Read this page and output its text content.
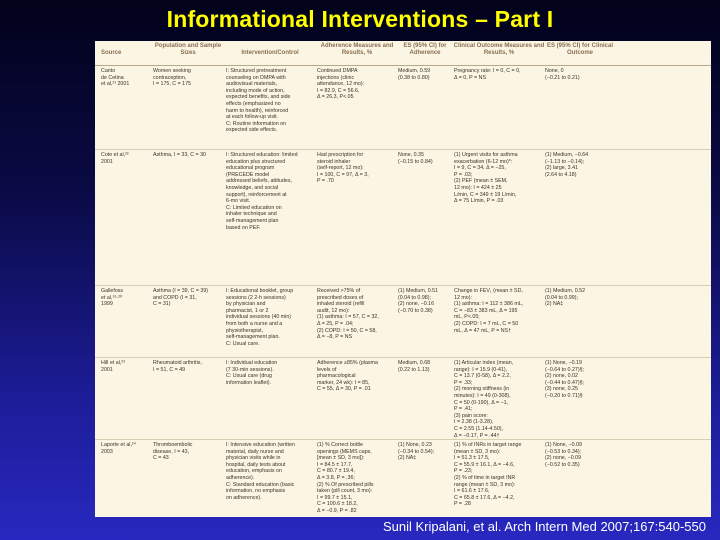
Informational Interventions – Part I
Source
Population and Sample Sizes	Intervention/Control
Adherence Measures and Results, %
ES (95% CI) for Adherence
Clinical Outcome Measures and Results, %
ES (95% CI) for Clinical Outcome
Canto
de Cetina
et al,²¹ 2001
Women seeking
contraception,
I = 175, C = 175
I: Structured pretreatment
counseling on DMPA with
audiovisual materials,
including mode of action,
expected benefits, and side
effects (emphasized no
harm to health), reinforced
at each follow-up visit.
C: Routine information on
expected side effects.
Continued DMPA
injections (clinic
attendance, 12 mo):
I = 82.9, C = 56.6,
Δ = 26.3, P<.05
Medium, 0.59
(0.38 to 0.80)
Pregnancy rate: I = 0, C = 0,
Δ = 0, P = NS
None, 0
(−0.21 to 0.21)
Cote et al,²²
2001
Asthma, I = 33, C = 30	I: Structured education: limited
education plus structured
educational program
(PRECEDE model
addressed beliefs, attitudes,
knowledge, and social
support), reinforcement at
6-mo visit.
C: Limited education on
inhaler technique and
self-management plan
based on PEF.
Had prescription for
steroid inhaler
(self-report, 12 mo):
I = 100, C = 97, Δ = 3,
P = .70
None, 0.35
(−0.15 to 0.84)
(1) Urgent visits for asthma
exacerbation (6-12 mo)*:
I = 9, C = 34, Δ = −25,
P = .03;
(2) PEF (mean ± SEM,
12 mo): I = 424 ± 25
L/min, C = 349 ± 19 L/min,
Δ = 75 L/min, P = .03
(1) Medium, −0.64
(−1.13 to −0.14);
(2) large, 3.41
(2.64 to 4.18)
Gallefoss
et al,¹⁹·²⁰
1999
Asthma (I = 39, C = 39)
and COPD (I = 31,
C = 31)
I: Educational booklet, group
sessions (2 2-h sessions)
by physician and
pharmacist, 1 or 2
individual sessions (40 min)
from both a nurse and a
physiotherapist,
self-management plan.
C: Usual care.
Received >75% of
prescribed doses of
inhaled steroid (refill
audit, 12 mo):
(1) asthma: I = 57, C = 32,
Δ = 25, P = .04;
(2) COPD: I = 50, C = 58,
Δ = −8, P = NS
(1) Medium, 0.51
(0.04 to 0.98);
(2) none, −0.16
(−0.70 to 0.38)
Change in FEV₁ (mean ± SD,
12 mo):
(1) asthma: I = 112 ± 386 mL,
C = −83 ± 383 mL, Δ = 195
mL, P<.05;
(2) COPD: I = 7 mL, C = 50
mL, Δ = 47 mL, P = NS†
(1) Medium, 0.52
(0.04 to 0.99);
(2) NA‡
Hill et al,²³
2001
Rheumatoid arthritis,
I = 51, C = 49
I: Individual education
(7 30-min sessions).
C: Usual care (drug
information leaflet).
Adherence ≥85% (plasma
levels of
pharmacological
marker, 24 wk): I = 85,
C = 55, Δ = 30, P = .01
Medium, 0.68
(0.22 to 1.13)
(1) Articular index (mean,
range): I = 15.9 (0-41),
C = 13.7 (0-58), Δ = 2.2,
P = .33;
(2) morning stiffness (in
minutes): I = 49 (0-308),
C = 50 (0-190), Δ = −1,
P = .41;
(3) pain score:
I = 2.38 (1-3.28),
C = 2.55 (1.14-4.50),
Δ = −0.17, P = .44†
(1) None, −0.19
(−0.64 to 0.27)§;
(2) none, 0.02
(−0.44 to 0.47)§;
(3) none, 0.25
(−0.20 to 0.71)§
Laporte et al,²⁴
2003
Thromboembolic
disease, I = 43,
C = 43
I: Intensive education (written
material, daily nurse and
physician visits while in
hospital, daily tests about
education, emphasis on
adherence).
C: Standard education (basic
information, no emphasis
on adherence).
(1) % Correct bottle
openings (MEMS caps,
[mean ± SD, 3 mo]):
I = 84.5 ± 17.7,
C = 80.7 ± 19.4,
Δ = 3.8, P = .36;
(2) % Of prescribed pills
taken (pill count, 3 mo):
I = 99.7 ± 15.1,
C = 100.6 ± 18.2,
Δ = −0.9, P = .82
(1) None, 0.23
(−0.34 to 0.54);
(2) NA‡
(1) % of INRs in target range
(mean ± SD, 3 mo):
I = 51.3 ± 17.5,
C = 55.9 ± 16.1, Δ = −4.6,
P = .23;
(2) % of time in target INR
range (mean ± SD, 3 mo):
I = 61.6 ± 17.6,
C = 65.8 ± 17.6, Δ = −4.2,
P = .28
(1) None, −0.09
(−0.53 to 0.34);
(2) none, −0.09
(−0.52 to 0.35)
Sunil Kripalani, et al. Arch Intern Med 2007;167:540-550
